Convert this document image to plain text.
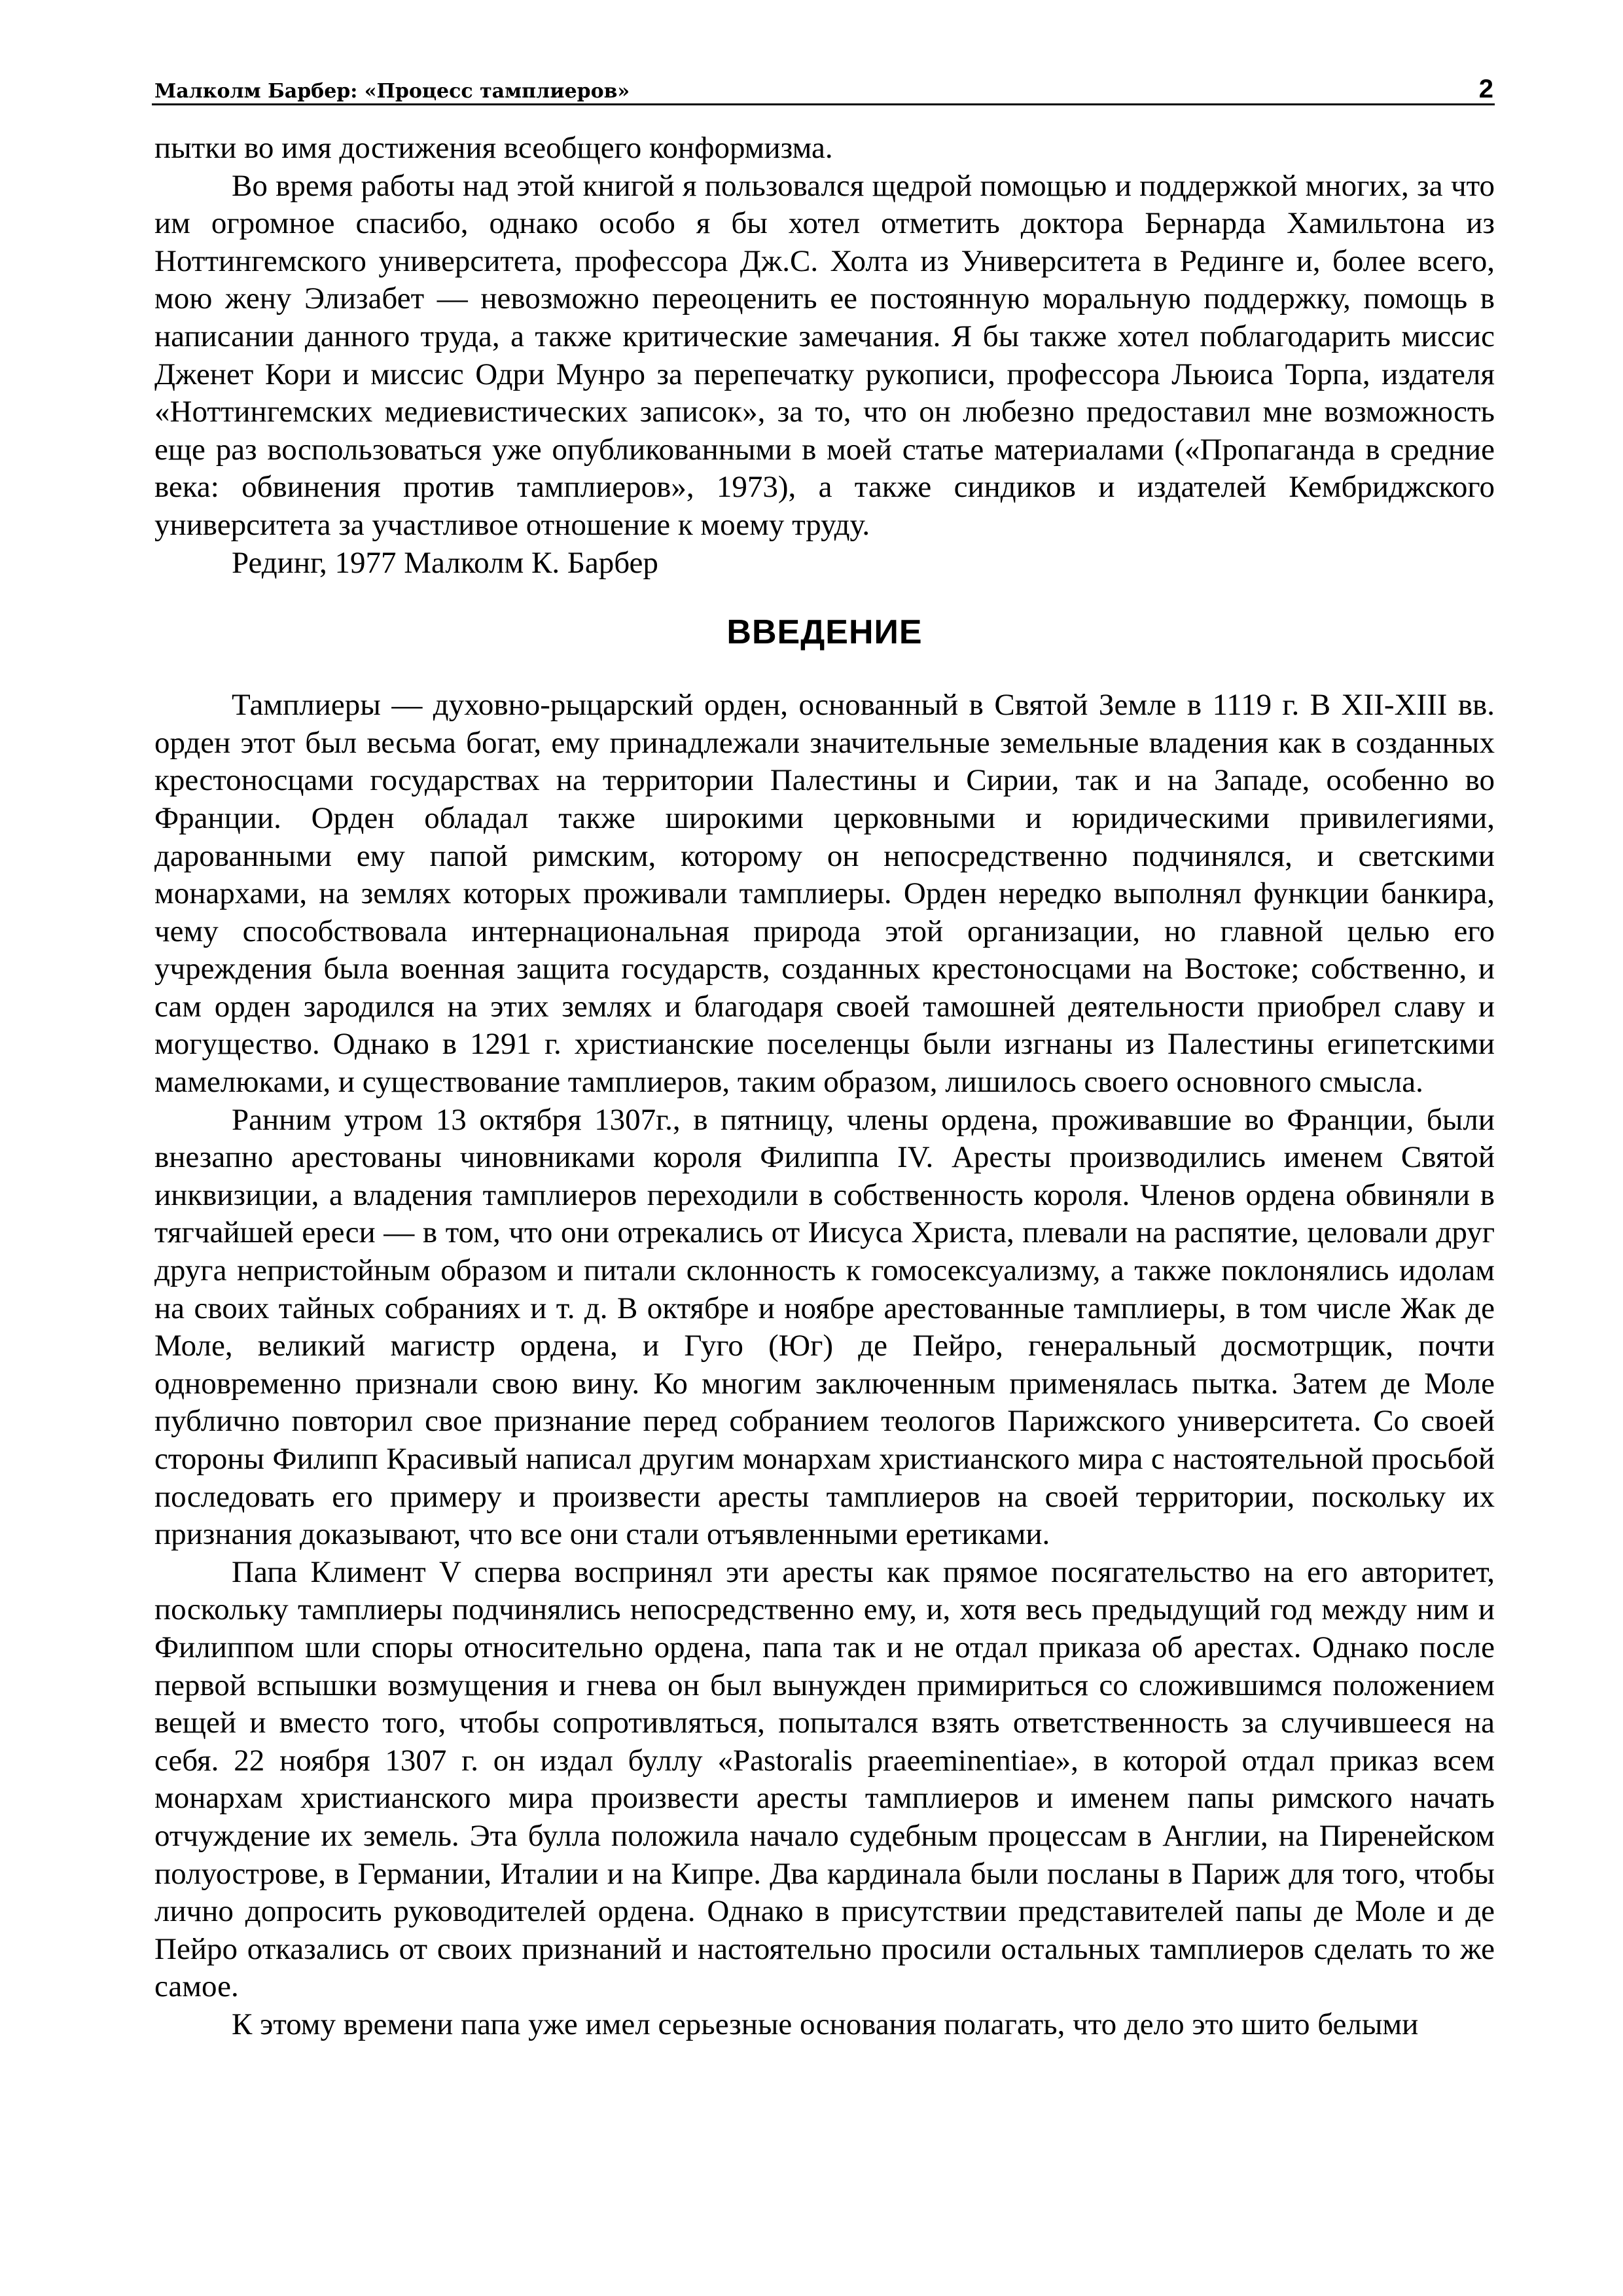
Малколм Барбер: «Процесс тамплиеров»	2

пытки во имя достижения всеобщего конформизма.

Во время работы над этой книгой я пользовался щедрой помощью и поддержкой многих, за что им огромное спасибо, однако особо я бы хотел отметить доктора Бернарда Хамильтона из Ноттингемского университета, профессора Дж.С. Холта из Университета в Рединге и, более всего, мою жену Элизабет — невозможно переоценить ее постоянную моральную поддержку, помощь в написании данного труда, а также критические замечания. Я бы также хотел поблагодарить миссис Дженет Кори и миссис Одри Мунро за перепечатку рукописи, профессора Льюиса Торпа, издателя «Ноттингемских медиевистических записок», за то, что он любезно предоставил мне возможность еще раз воспользоваться уже опубликованными в моей статье материалами («Пропаганда в средние века: обвинения против тамплиеров», 1973), а также синдиков и издателей Кембриджского университета за участливое отношение к моему труду.

Рединг, 1977 Малколм К. Барбер

ВВЕДЕНИЕ

Тамплиеры — духовно-рыцарский орден, основанный в Святой Земле в 1119 г. В XII-XIII вв. орден этот был весьма богат, ему принадлежали значительные земельные владения как в созданных крестоносцами государствах на территории Палестины и Сирии, так и на Западе, особенно во Франции. Орден обладал также широкими церковными и юридическими привилегиями, дарованными ему папой римским, которому он непосредственно подчинялся, и светскими монархами, на землях которых проживали тамплиеры. Орден нередко выполнял функции банкира, чему способствовала интернациональная природа этой организации, но главной целью его учреждения была военная защита государств, созданных крестоносцами на Востоке; собственно, и сам орден зародился на этих землях и благодаря своей тамошней деятельности приобрел славу и могущество. Однако в 1291 г. христианские поселенцы были изгнаны из Палестины египетскими мамелюками, и существование тамплиеров, таким образом, лишилось своего основного смысла.

Ранним утром 13 октября 1307г., в пятницу, члены ордена, проживавшие во Франции, были внезапно арестованы чиновниками короля Филиппа IV. Аресты производились именем Святой инквизиции, а владения тамплиеров переходили в собственность короля. Членов ордена обвиняли в тягчайшей ереси — в том, что они отрекались от Иисуса Христа, плевали на распятие, целовали друг друга непристойным образом и питали склонность к гомосексуализму, а также поклонялись идолам на своих тайных собраниях и т. д. В октябре и ноябре арестованные тамплиеры, в том числе Жак де Моле, великий магистр ордена, и Гуго (Юг) де Пейро, генеральный досмотрщик, почти одновременно признали свою вину. Ко многим заключенным применялась пытка. Затем де Моле публично повторил свое признание перед собранием теологов Парижского университета. Со своей стороны Филипп Красивый написал другим монархам христианского мира с настоятельной просьбой последовать его примеру и произвести аресты тамплиеров на своей территории, поскольку их признания доказывают, что все они стали отъявленными еретиками.

Папа Климент V сперва воспринял эти аресты как прямое посягательство на его авторитет, поскольку тамплиеры подчинялись непосредственно ему, и, хотя весь предыдущий год между ним и Филиппом шли споры относительно ордена, папа так и не отдал приказа об арестах. Однако после первой вспышки возмущения и гнева он был вынужден примириться со сложившимся положением вещей и вместо того, чтобы сопротивляться, попытался взять ответственность за случившееся на себя. 22 ноября 1307 г. он издал буллу «Pastoralis praeeminentiae», в которой отдал приказ всем монархам христианского мира произвести аресты тамплиеров и именем папы римского начать отчуждение их земель. Эта булла положила начало судебным процессам в Англии, на Пиренейском полуострове, в Германии, Италии и на Кипре. Два кардинала были посланы в Париж для того, чтобы лично допросить руководителей ордена. Однако в присутствии представителей папы де Моле и де Пейро отказались от своих признаний и настоятельно просили остальных тамплиеров сделать то же самое.

К этому времени папа уже имел серьезные основания полагать, что дело это шито белыми
